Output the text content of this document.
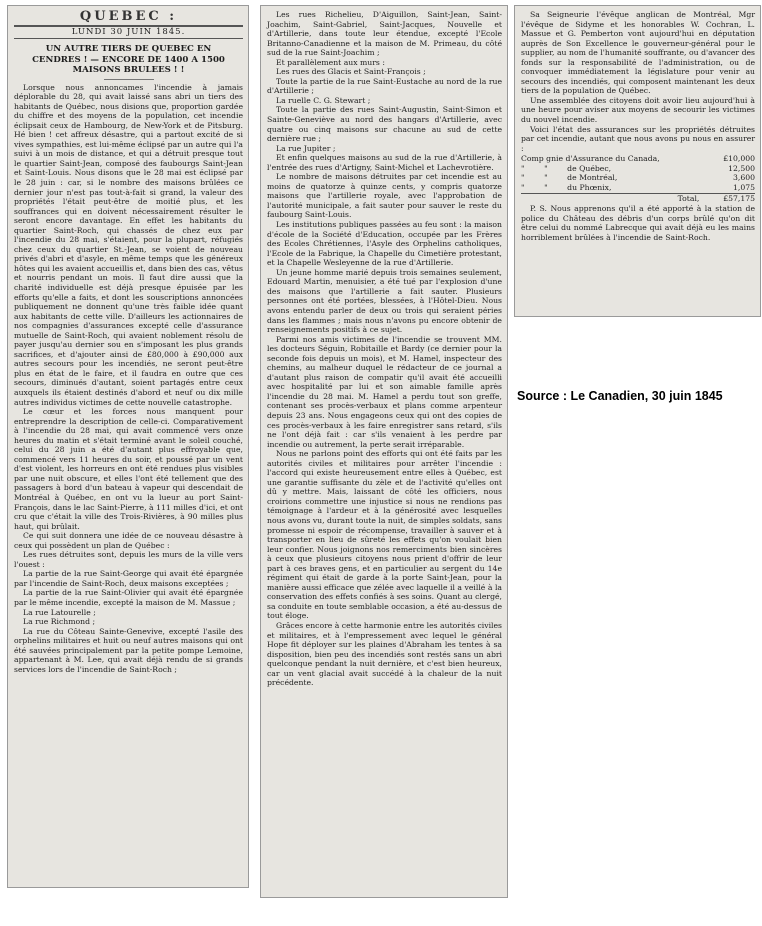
QUEBEC :
LUNDI 30 JUIN 1845.
UN AUTRE TIERS DE QUEBEC EN CENDRES ! — ENCORE DE 1400 A 1500 MAISONS BRULEES ! !

Lorsque nous annoncames l'incendie à jamais déplorable du 28, qui avait laissé sans abri un tiers des habitants de Québec, nous disions que, proportion gardée du chiffre et des moyens de la population, cet incendie éclipsait ceux de Hambourg, de New-York et de Pitsburg. Hé bien ! cet affreux désastre, qui a partout excité de si vives sympathies, est lui-même éclipsé par un autre qui l'a suivi à un mois de distance, et qui a détruit presque tout le quartier Saint-Jean, composé des faubourgs Saint-Jean et Saint-Louis. Nous disons que le 28 mai est éclipsé par le 28 juin : car, si le nombre des maisons brûlées ce dernier jour n'est pas tout-à-fait si grand, la valeur des propriétés l'était peut-être de moitié plus, et les souffrances qui en doivent nécessairement résulter le seront encore davantage. En effet les habitants du quartier Saint-Roch, qui chassés de chez eux par l'incendie du 28 mai, s'étaient, pour la plupart, réfugiés chez ceux du quartier St.-Jean, se voient de nouveau privés d'abri et d'asyle, en même temps que les généreux hôtes qui les avaient accueillis et, dans bien des cas, vêtus et nourris pendant un mois. Il faut dire aussi que la charité individuelle est déjà presque épuisée par les efforts qu'elle a faits, et dont les souscriptions annoncées publiquement ne donnent qu'une très faible idée quant aux habitants de cette ville. D'ailleurs les actionnaires de nos compagnies d'assurances excepté celle d'assurance mutuelle de Saint-Roch, qui avaient noblement résolu de payer jusqu'au dernier sou en s'imposant les plus grands sacrifices, et d'ajouter ainsi de £80,000 à £90,000 aux autres secours pour les incendiés, ne seront peut-être plus en état de le faire, et il faudra en outre que ces secours, diminués d'autant, soient partagés entre ceux auxquels ils étaient destinés d'abord et neuf ou dix mille autres individus victimes de cette nouvelle catastrophe.

Le cœur et les forces nous manquent pour entreprendre la description de celle-ci. Comparativement à l'incendie du 28 mai, qui avait commencé vers onze heures du matin et s'était terminé avant le soleil couché, celui du 28 juin a été d'autant plus effroyable que, commencé vers 11 heures du soir, et poussé par un vent d'est violent, les horreurs en ont été rendues plus visibles par une nuit obscure, et elles l'ont été tellement que des passagers à bord d'un bateau à vapeur qui descendait de Montréal à Québec, en ont vu la lueur au port Saint-François, dans le lac Saint-Pierre, à 111 milles d'ici, et ont cru que c'était la ville des Trois-Rivières, à 90 milles plus haut, qui brûlait.

Ce qui suit donnera une idée de ce nouveau désastre à ceux qui possèdent un plan de Québec :

Les rues détruites sont, depuis les murs de la ville vers l'ouest :

La partie de la rue Saint-George qui avait été épargnée par l'incendie de Saint-Roch, deux maisons exceptées ;

La partie de la rue Saint-Olivier qui avait été épargnée par le même incendie, excepté la maison de M. Massue ;

La rue Latourelle ;

La rue Richmond ;

La rue du Côteau Sainte-Genevive, excepté l'asile des orphelins militaires et huit ou neuf autres maisons qui ont été sauvées principalement par la petite pompe Lemoine, appartenant à M. Lee, qui avait déjà rendu de si grands services lors de l'incendie de Saint-Roch ;

Les rues Richelieu, D'Aiguillon, Saint-Jean, Saint-Joachim, Saint-Gabriel, Saint-Jacques, Nouvelle et d'Artillerie, dans toute leur étendue, excepté l'Ecole Britanno-Canadienne et la maison de M. Primeau, du côté sud de la rue Saint-Joachim ;

Et parallèlement aux murs :

Les rues des Glacis et Saint-François ;

Toute la partie de la rue Saint-Eustache au nord de la rue d'Artillerie ;

La ruelle C. G. Stewart ;

Toute la partie des rues Saint-Augustin, Saint-Simon et Sainte-Geneviève au nord des hangars d'Artillerie, avec quatre ou cinq maisons sur chacune au sud de cette dernière rue ;

La rue Jupiter ;

Et enfin quelques maisons au sud de la rue d'Artillerie, à l'entrée des rues d'Artigny, Saint-Michel et Lachevrotière.

Le nombre de maisons détruites par cet incendie est au moins de quatorze à quinze cents, y compris quatorze maisons que l'artillerie royale, avec l'approbation de l'autorité municipale, a fait sauter pour sauver le reste du faubourg Saint-Louis.

Les institutions publiques passées au feu sont : la maison d'école de la Société d'Education, occupée par les Frères des Ecoles Chrétiennes, l'Asyle des Orphelins catholiques, l'Ecole de la Fabrique, la Chapelle du Cimetière protestant, et la Chapelle Wesleyenne de la rue d'Artillerie.

Un jeune homme marié depuis trois semaines seulement, Edouard Martin, menuisier, a été tué par l'explosion d'une des maisons que l'artillerie a fait sauter. Plusieurs personnes ont été portées, blessées, à l'Hôtel-Dieu. Nous avons entendu parler de deux ou trois qui seraient péries dans les flammes ; mais nous n'avons pu encore obtenir de renseignements positifs à ce sujet.

Parmi nos amis victimes de l'incendie se trouvent MM. les docteurs Séguin, Robitaille et Bardy (ce dernier pour la seconde fois depuis un mois), et M. Hamel, inspecteur des chemins, au malheur duquel le rédacteur de ce journal a d'autant plus raison de compatir qu'il avait été accueilli avec hospitalité par lui et son aimable famille après l'incendie du 28 mai. M. Hamel a perdu tout son greffe, contenant ses procès-verbaux et plans comme arpenteur depuis 23 ans. Nous engageons ceux qui ont des copies de ces procès-verbaux à les faire enregistrer sans retard, s'ils ne l'ont déjà fait : car s'ils venaient à les perdre par incendie ou autrement, la perte serait irréparable.

Nous ne parlons point des efforts qui ont été faits par les autorités civiles et militaires pour arrêter l'incendie : l'accord qui existe heureusement entre elles à Québec, est une garantie suffisante du zèle et de l'activité qu'elles ont dû y mettre. Mais, laissant de côté les officiers, nous croirions commettre une injustice si nous ne rendions pas témoignage à l'ardeur et à la générosité avec lesquelles nous avons vu, durant toute la nuit, de simples soldats, sans promesse ni espoir de récompense, travailler à sauver et à transporter en lieu de sûreté les effets qu'on voulait bien leur confier. Nous joignons nos remerciments bien sincères à ceux que plusieurs citoyens nous prient d'offrir de leur part à ces braves gens, et en particulier au sergent du 14e régiment qui était de garde à la porte Saint-Jean, pour la manière aussi efficace que zélée avec laquelle il a veillé à la conservation des effets confiés à ses soins. Quant au clergé, sa conduite en toute semblable occasion, a été au-dessus de tout éloge.

Grâces encore à cette harmonie entre les autorités civiles et militaires, et à l'empressement avec lequel le général Hope fit déployer sur les plaines d'Abraham les tentes à sa disposition, bien peu des incendiés sont restés sans un abri quelconque pendant la nuit dernière, et c'est bien heureux, car un vent glacial avait succédé à la chaleur de la nuit précédente.

Sa Seigneurie l'évêque anglican de Montréal, Mgr l'évêque de Sidyme et les honorables W. Cochran, L. Massue et G. Pemberton vont aujourd'hui en députation auprès de Son Excellence le gouverneur-général pour le supplier, au nom de l'humanité souffrante, ou d'avancer des fonds sur la responsabilité de l'administration, ou de convoquer immédiatement la législature pour venir au secours des incendiés, qui composent maintenant les deux tiers de la population de Québec.

Une assemblée des citoyens doit avoir lieu aujourd'hui à une heure pour aviser aux moyens de secourir les victimes du nouvel incendie.

Voici l'état des assurances sur les propriétés détruites par cet incendie, autant que nous avons pu nous en assurer :

Comp gnie d'Assurance du Canada,	£10,000
"        "        de Québec,	12,500
"        "        de Montréal,	3,600
"        "        du Phœnix,	1,075
Total,	£57,175

P. S. Nous apprenons qu'il a été apporté à la station de police du Château des débris d'un corps brûlé qu'on dit être celui du nommé Labrecque qui avait déjà eu les mains horriblement brûlées à l'incendie de Saint-Roch.

Source : Le Canadien, 30 juin 1845
